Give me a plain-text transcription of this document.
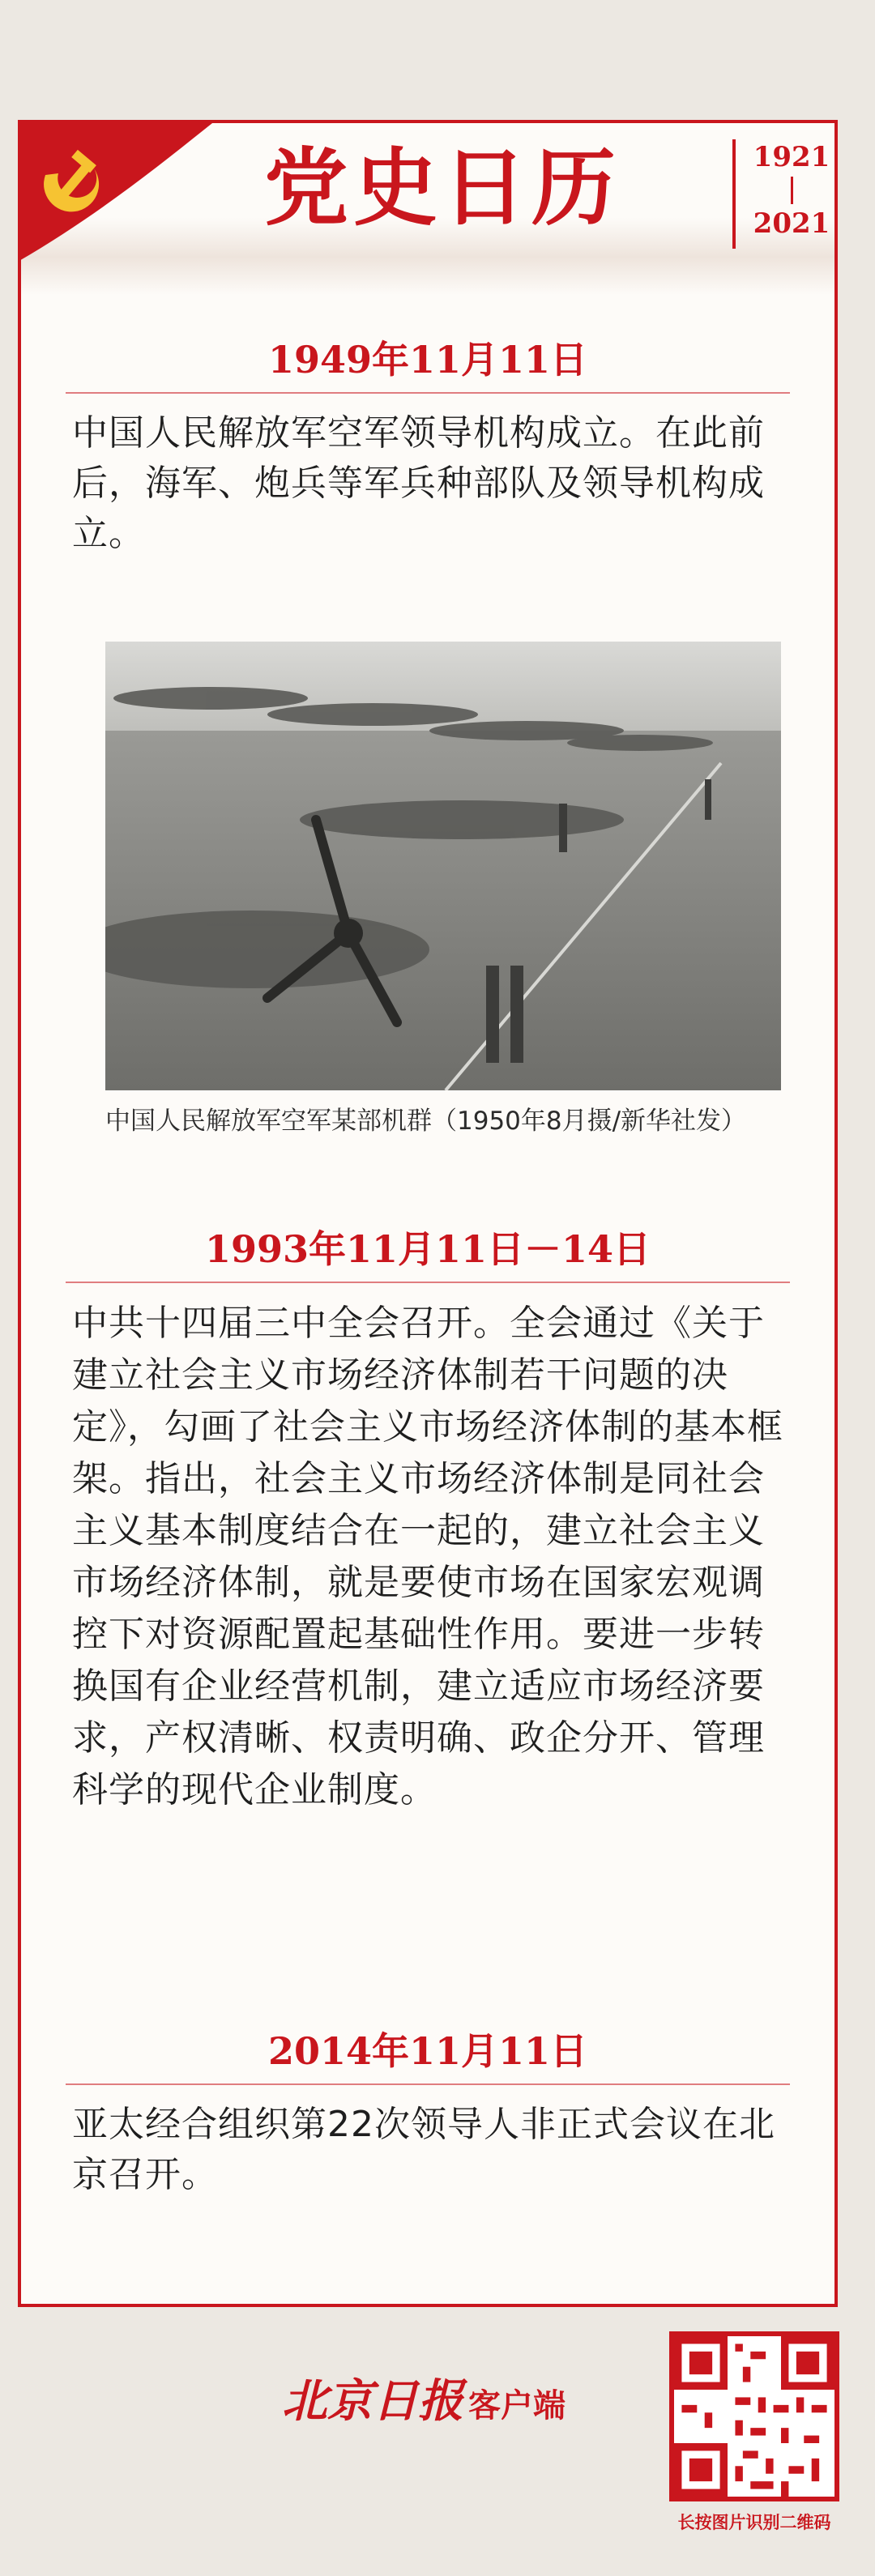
党史日历	1921
2021
1949年11月11日
中国人民解放军空军领导机构成立。在此前后，海军、炮兵等军兵种部队及领导机构成立。
中国人民解放军空军某部机群（1950年8月摄/新华社发）
1993年11月11日－14日
中共十四届三中全会召开。全会通过《关于建立社会主义市场经济体制若干问题的决定》，勾画了社会主义市场经济体制的基本框架。指出，社会主义市场经济体制是同社会主义基本制度结合在一起的，建立社会主义市场经济体制，就是要使市场在国家宏观调控下对资源配置起基础性作用。要进一步转换国有企业经营机制，建立适应市场经济要求，产权清晰、权责明确、政企分开、管理科学的现代企业制度。
2014年11月11日
亚太经合组织第22次领导人非正式会议在北京召开。
北京日报 客户端
长按图片识别二维码
